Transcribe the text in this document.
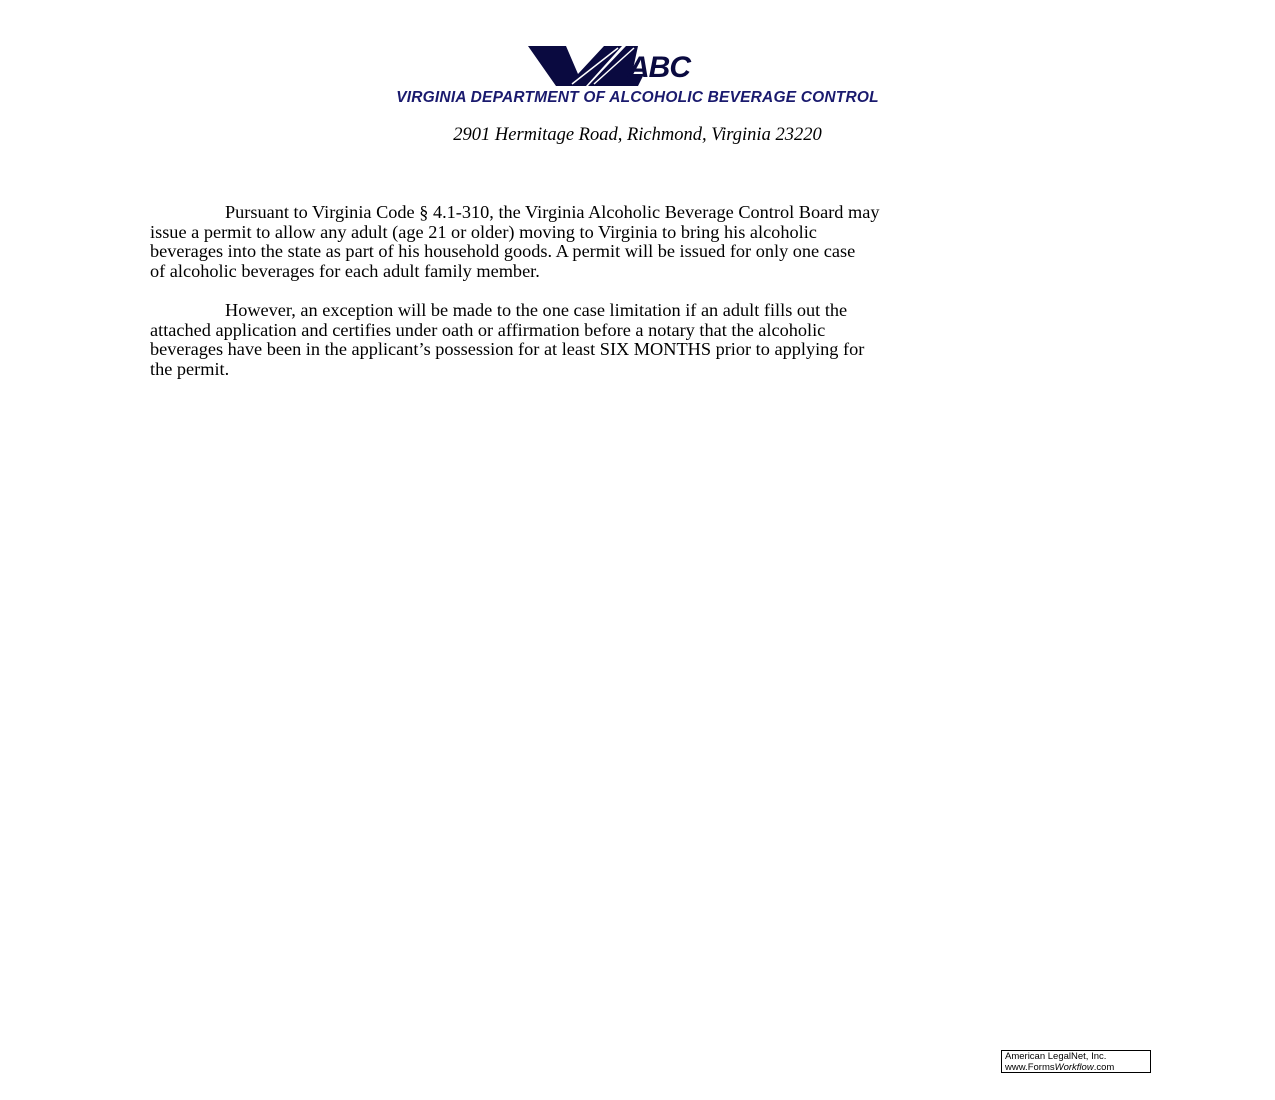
ABC
VIRGINIA DEPARTMENT OF ALCOHOLIC BEVERAGE CONTROL
2901 Hermitage Road, Richmond, Virginia 23220
Pursuant to Virginia Code § 4.1-310, the Virginia Alcoholic Beverage Control Board may
issue a permit to allow any adult (age 21 or older) moving to Virginia to bring his alcoholic
beverages into the state as part of his household goods. A permit will be issued for only one case
of alcoholic beverages for each adult family member.
However, an exception will be made to the one case limitation if an adult fills out the
attached application and certifies under oath or affirmation before a notary that the alcoholic
beverages have been in the applicant’s possession for at least SIX MONTHS prior to applying for
the permit.
American LegalNet, Inc.
www.FormsWorkflow.com
